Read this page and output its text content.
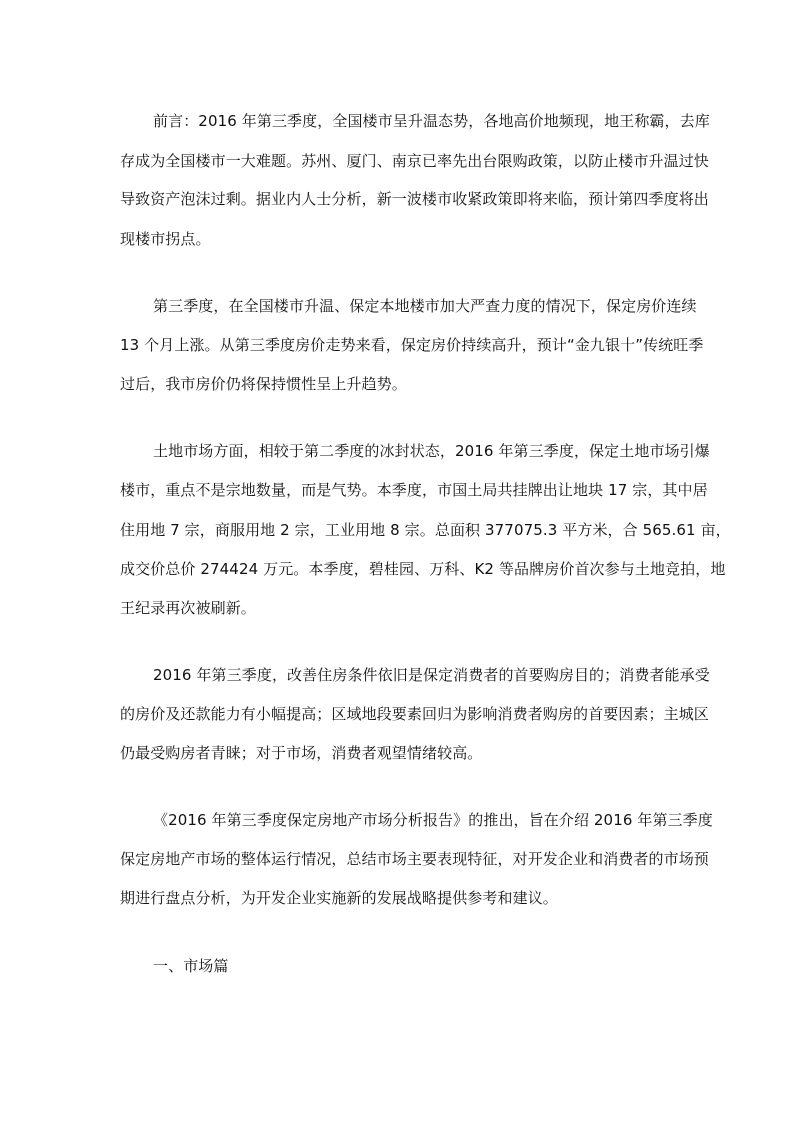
前言：2016 年第三季度，全国楼市呈升温态势，各地高价地频现，地王称霸，去库
存成为全国楼市一大难题。苏州、厦门、南京已率先出台限购政策，以防止楼市升温过快
导致资产泡沫过剩。据业内人士分析，新一波楼市收紧政策即将来临，预计第四季度将出
现楼市拐点。
第三季度，在全国楼市升温、保定本地楼市加大严查力度的情况下，保定房价连续
13 个月上涨。从第三季度房价走势来看，保定房价持续高升，预计“金九银十”传统旺季
过后，我市房价仍将保持惯性呈上升趋势。
土地市场方面，相较于第二季度的冰封状态，2016 年第三季度，保定土地市场引爆
楼市，重点不是宗地数量，而是气势。本季度，市国土局共挂牌出让地块 17 宗，其中居
住用地 7 宗，商服用地 2 宗，工业用地 8 宗。总面积 377075.3 平方米，合 565.61 亩，
成交价总价 274424 万元。本季度，碧桂园、万科、K2 等品牌房价首次参与土地竞拍，地
王纪录再次被刷新。
2016 年第三季度，改善住房条件依旧是保定消费者的首要购房目的；消费者能承受
的房价及还款能力有小幅提高；区域地段要素回归为影响消费者购房的首要因素；主城区
仍最受购房者青睐；对于市场，消费者观望情绪较高。
《2016 年第三季度保定房地产市场分析报告》的推出，旨在介绍 2016 年第三季度
保定房地产市场的整体运行情况，总结市场主要表现特征，对开发企业和消费者的市场预
期进行盘点分析，为开发企业实施新的发展战略提供参考和建议。
一、市场篇
